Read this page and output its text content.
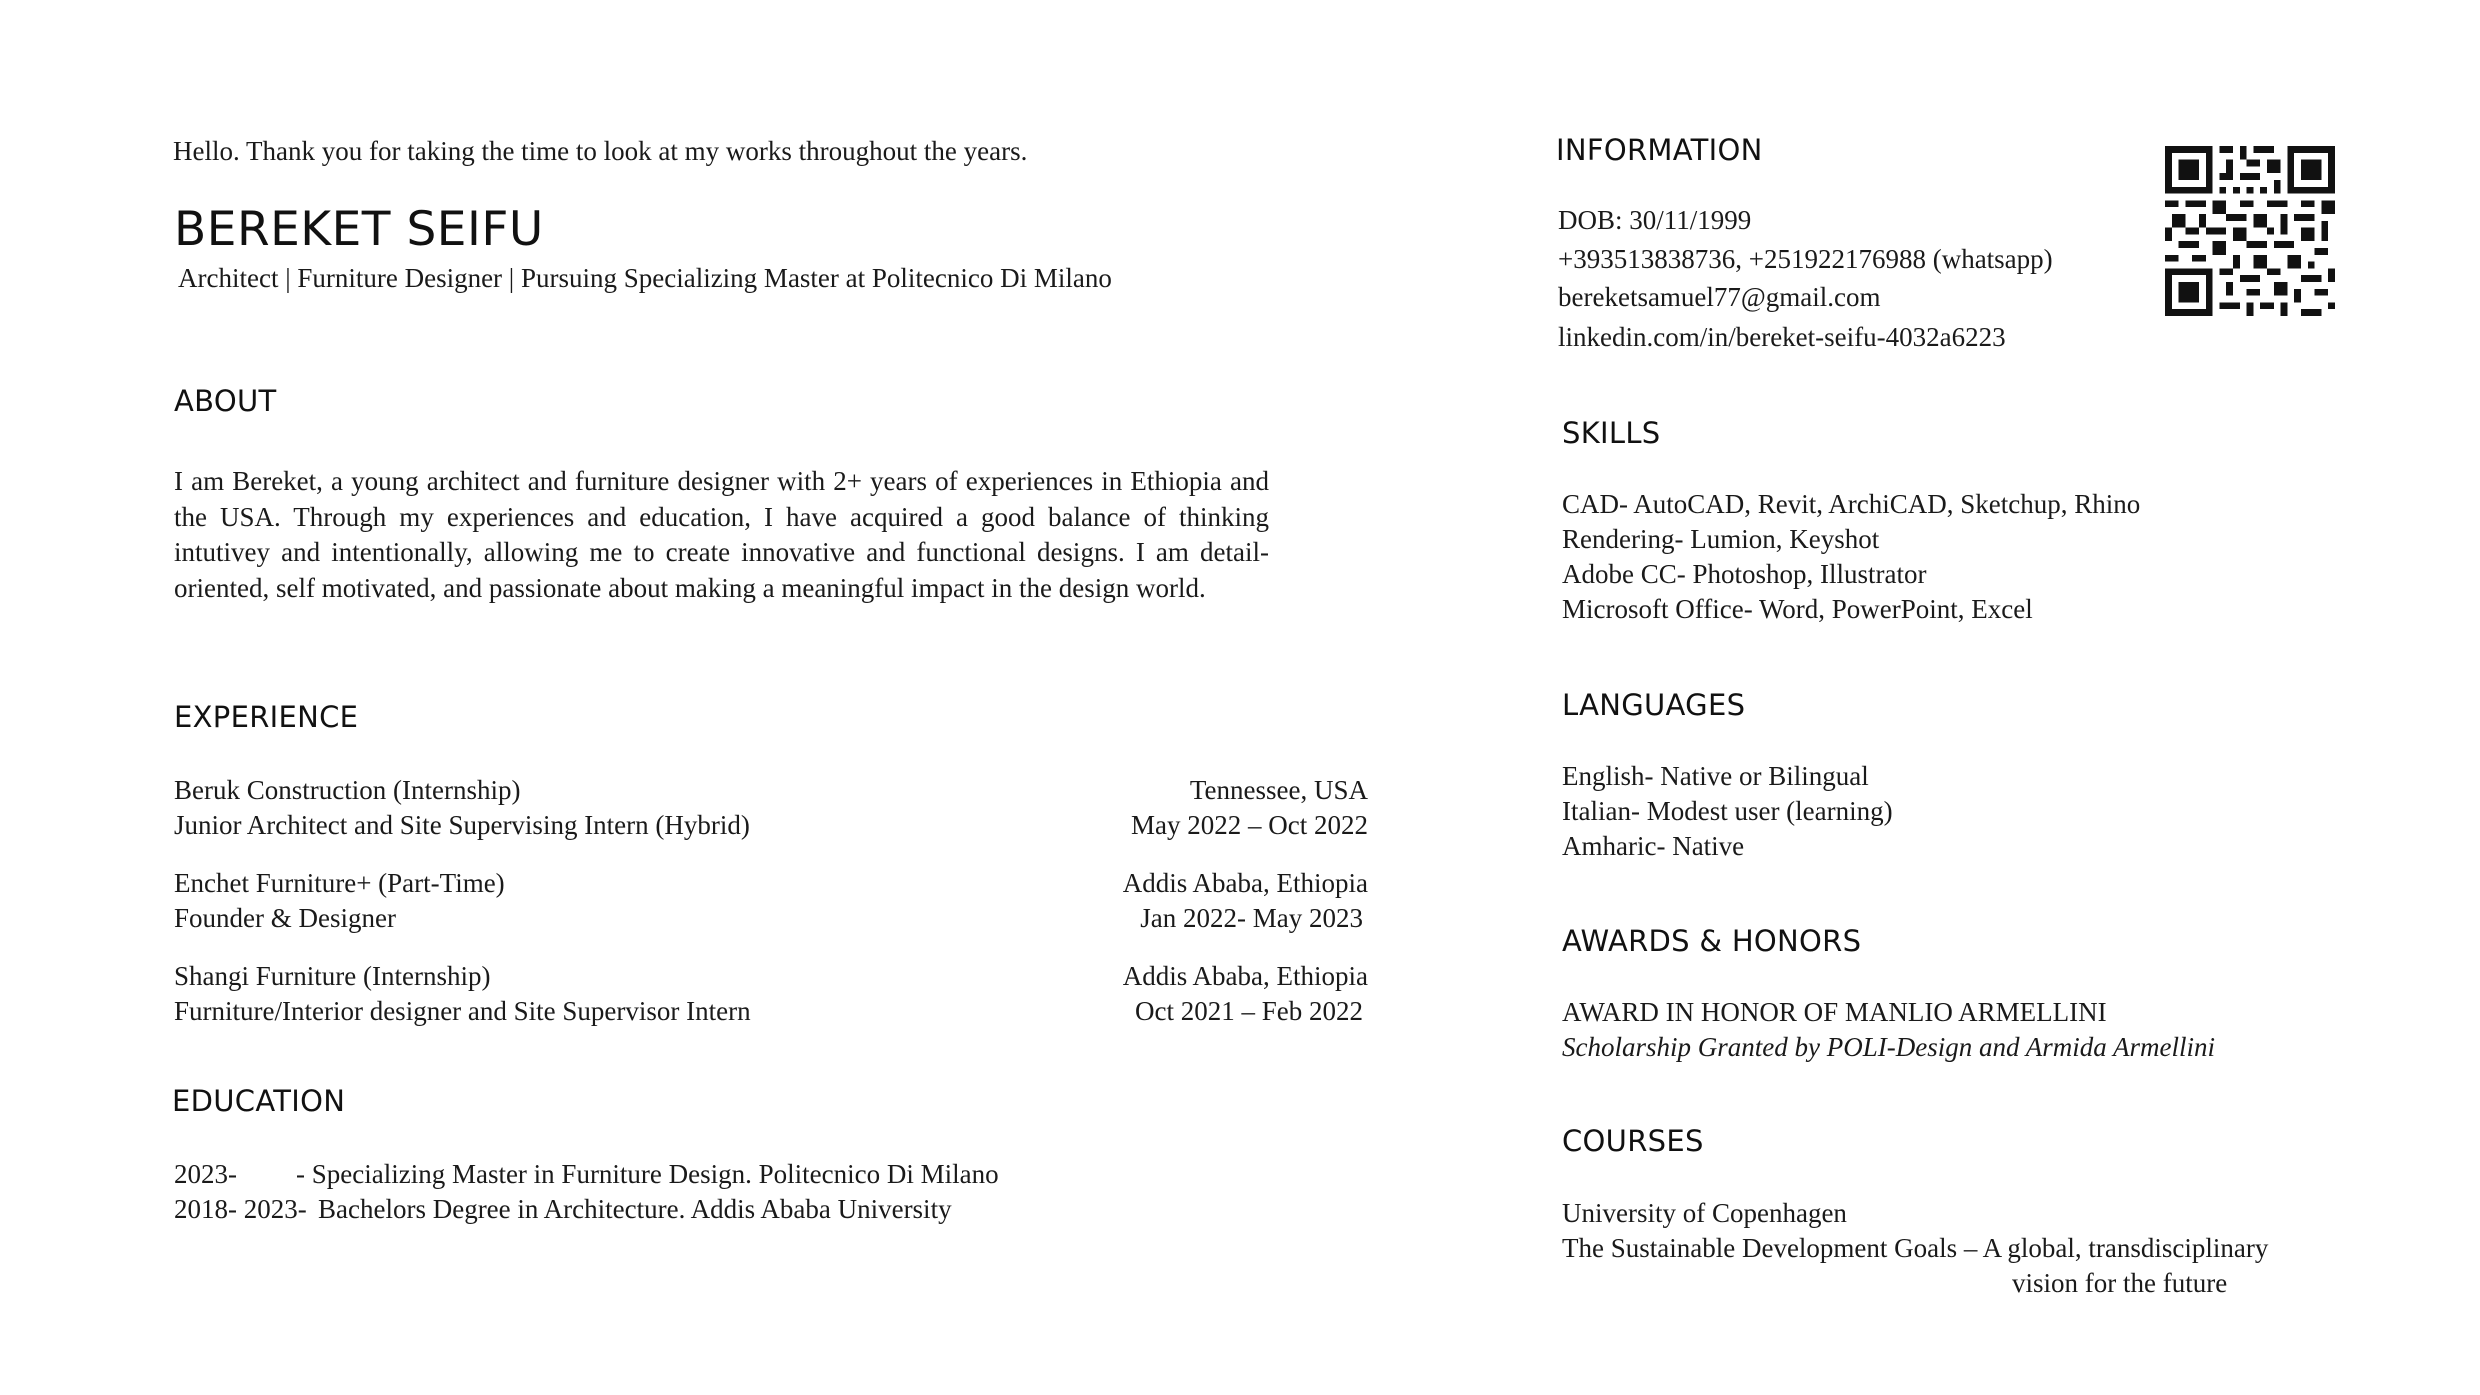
Hello. Thank you for taking the time to look at my works throughout the years.
BEREKET SEIFU
Architect | Furniture Designer | Pursuing Specializing Master at Politecnico Di Milano
ABOUT
I am Bereket, a young architect and furniture designer with 2+ years of experiences in Ethiopia and the USA. Through my experiences and education, I have acquired a good balance of thinking intutivey and intentionally, allowing me to create innovative and functional designs. I am detail-oriented, self motivated, and passionate about making a meaningful impact in the design world.
EXPERIENCE
Beruk Construction (Internship)
Junior Architect and Site Supervising Intern (Hybrid)
Tennessee, USA
May 2022 – Oct 2022
Enchet Furniture+ (Part-Time)
Founder & Designer
Addis Ababa, Ethiopia
Jan 2022- May 2023
Shangi Furniture (Internship)
Furniture/Interior designer and Site Supervisor Intern
Addis Ababa, Ethiopia
Oct 2021 – Feb 2022
EDUCATION
2023- - Specializing Master in Furniture Design. Politecnico Di Milano
2018- 2023- Bachelors Degree in Architecture. Addis Ababa University
INFORMATION
DOB: 30/11/1999
+393513838736, +251922176988 (whatsapp)
bereketsamuel77@gmail.com
linkedin.com/in/bereket-seifu-4032a6223
SKILLS
CAD- AutoCAD, Revit, ArchiCAD, Sketchup, Rhino
Rendering- Lumion, Keyshot
Adobe CC- Photoshop, Illustrator
Microsoft Office- Word, PowerPoint, Excel
LANGUAGES
English- Native or Bilingual
Italian- Modest user (learning)
Amharic- Native
AWARDS & HONORS
AWARD IN HONOR OF MANLIO ARMELLINI
Scholarship Granted by POLI-Design and Armida Armellini
COURSES
University of Copenhagen
The Sustainable Development Goals – A global, transdisciplinary
vision for the future
